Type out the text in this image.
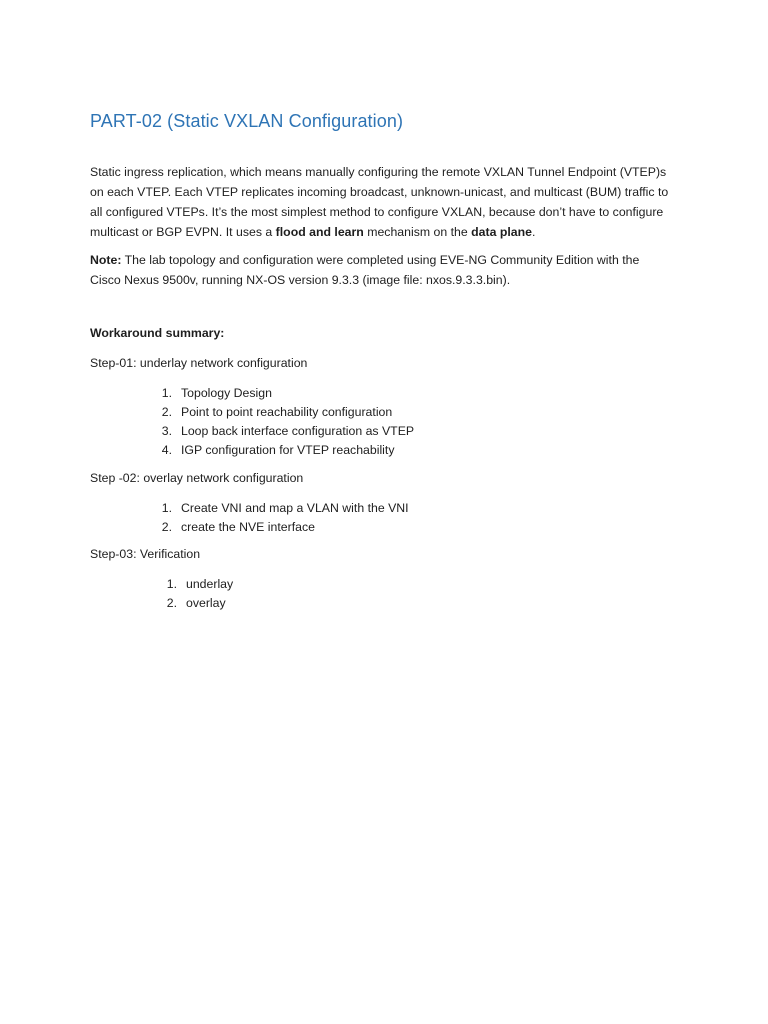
PART-02 (Static VXLAN Configuration)

Static ingress replication, which means manually configuring the remote VXLAN Tunnel Endpoint (VTEP)s
on each VTEP. Each VTEP replicates incoming broadcast, unknown-unicast, and multicast (BUM) traffic to
all configured VTEPs. It’s the most simplest method to configure VXLAN, because don’t have to configure
multicast or BGP EVPN. It uses a flood and learn mechanism on the data plane.

Note: The lab topology and configuration were completed using EVE-NG Community Edition with the
Cisco Nexus 9500v, running NX-OS version 9.3.3 (image file: nxos.9.3.3.bin).

Workaround summary:
Step-01: underlay network configuration
1. Topology Design
2. Point to point reachability configuration
3. Loop back interface configuration as VTEP
4. IGP configuration for VTEP reachability
Step -02: overlay network configuration
1. Create VNI and map a VLAN with the VNI
2. create the NVE interface
Step-03: Verification
1. underlay
2. overlay
